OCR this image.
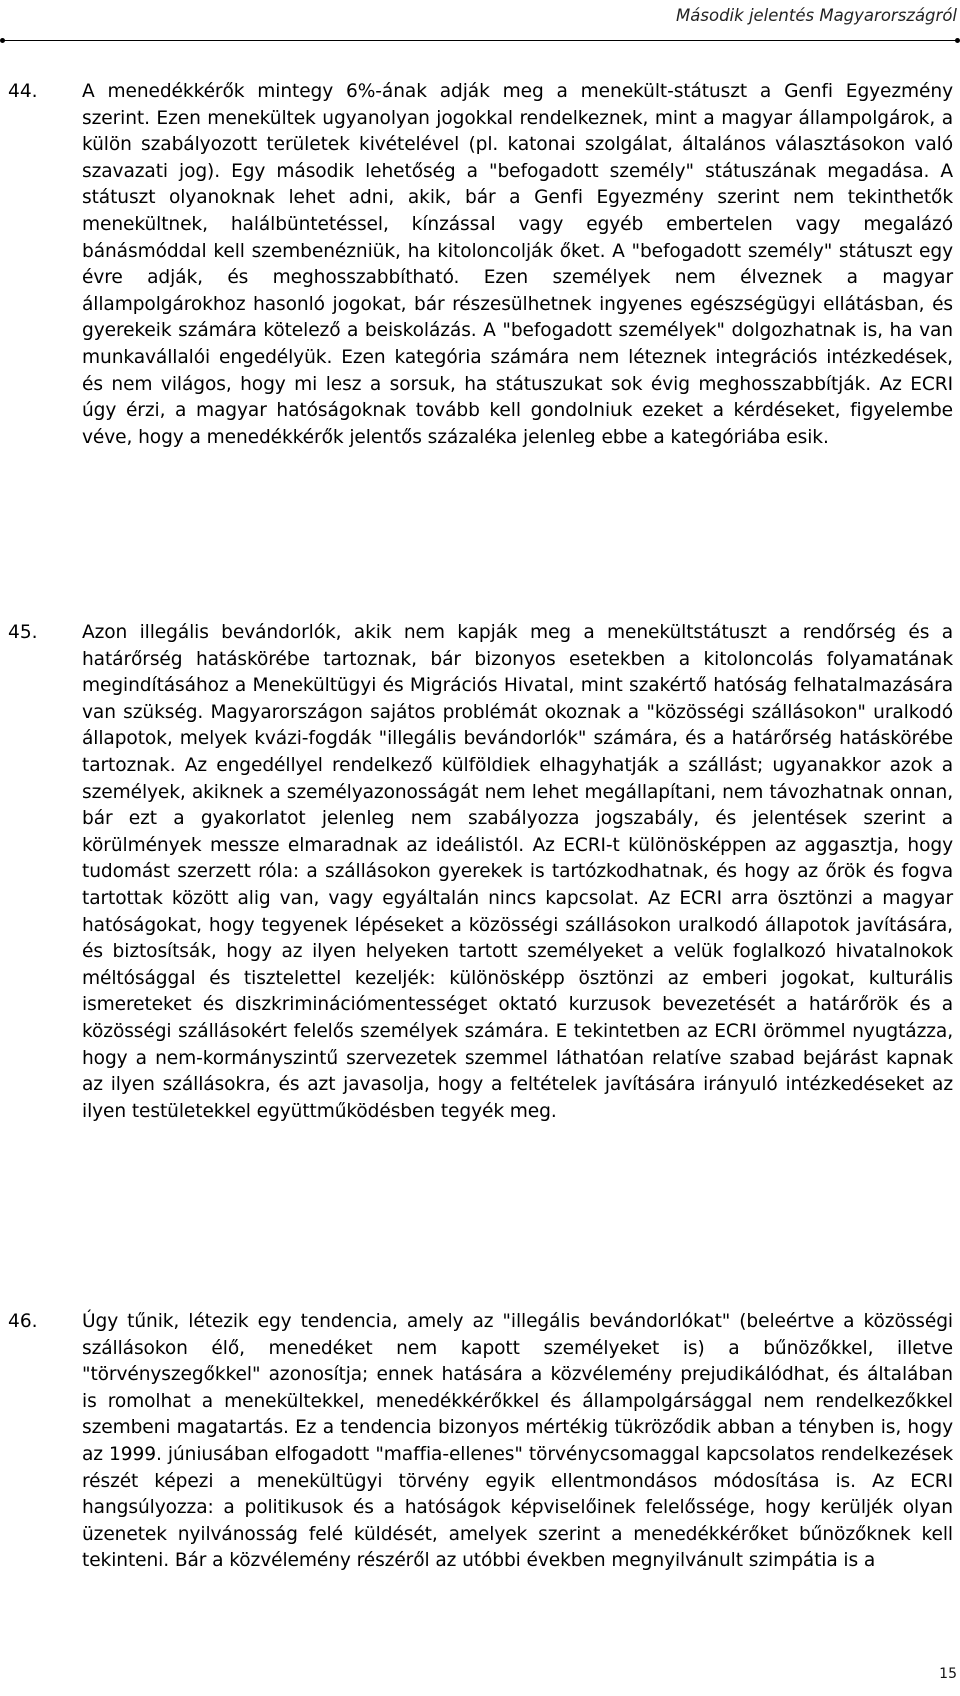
Második jelentés Magyarországról
44. A menedékkérők mintegy 6%-ának adják meg a menekült-státuszt a Genfi Egyezmény szerint. Ezen menekültek ugyanolyan jogokkal rendelkeznek, mint a magyar állampolgárok, a külön szabályozott területek kivételével (pl. katonai szolgálat, általános választásokon való szavazati jog). Egy második lehetőség a "befogadott személy" státuszának megadása. A státuszt olyanoknak lehet adni, akik, bár a Genfi Egyezmény szerint nem tekinthetők menekültnek, halálbüntetéssel, kínzással vagy egyéb embertelen vagy megalázó bánásmóddal kell szembenézniük, ha kitoloncolják őket. A "befogadott személy" státuszt egy évre adják, és meghosszabbítható. Ezen személyek nem élveznek a magyar állampolgárokhoz hasonló jogokat, bár részesülhetnek ingyenes egészségügyi ellátásban, és gyerekeik számára kötelező a beiskolázás. A "befogadott személyek" dolgozhatnak is, ha van munkavállalói engedélyük. Ezen kategória számára nem léteznek integrációs intézkedések, és nem világos, hogy mi lesz a sorsuk, ha státuszukat sok évig meghosszabbítják. Az ECRI úgy érzi, a magyar hatóságoknak tovább kell gondolniuk ezeket a kérdéseket, figyelembe véve, hogy a menedékkérők jelentős százaléka jelenleg ebbe a kategóriába esik.
45. Azon illegális bevándorlók, akik nem kapják meg a menekültstátuszt a rendőrség és a határőrség hatáskörébe tartoznak, bár bizonyos esetekben a kitoloncolás folyamatának megindításához a Menekültügyi és Migrációs Hivatal, mint szakértő hatóság felhatalmazására van szükség. Magyarországon sajátos problémát okoznak a "közösségi szállásokon" uralkodó állapotok, melyek kvázi-fogdák "illegális bevándorlók" számára, és a határőrség hatáskörébe tartoznak. Az engedéllyel rendelkező külföldiek elhagyhatják a szállást; ugyanakkor azok a személyek, akiknek a személyazonosságát nem lehet megállapítani, nem távozhatnak onnan, bár ezt a gyakorlatot jelenleg nem szabályozza jogszabály, és jelentések szerint a körülmények messze elmaradnak az ideálistól. Az ECRI-t különösképpen az aggasztja, hogy tudomást szerzett róla: a szállásokon gyerekek is tartózkodhatnak, és hogy az őrök és fogva tartottak között alig van, vagy egyáltalán nincs kapcsolat. Az ECRI arra ösztönzi a magyar hatóságokat, hogy tegyenek lépéseket a közösségi szállásokon uralkodó állapotok javítására, és biztosítsák, hogy az ilyen helyeken tartott személyeket a velük foglalkozó hivatalnokok méltósággal és tisztelettel kezeljék: különösképp ösztönzi az emberi jogokat, kulturális ismereteket és diszkriminációmentességet oktató kurzusok bevezetését a határőrök és a közösségi szállásokért felelős személyek számára. E tekintetben az ECRI örömmel nyugtázza, hogy a nem-kormányszintű szervezetek szemmel láthatóan relatíve szabad bejárást kapnak az ilyen szállásokra, és azt javasolja, hogy a feltételek javítására irányuló intézkedéseket az ilyen testületekkel együttműködésben tegyék meg.
46. Úgy tűnik, létezik egy tendencia, amely az "illegális bevándorlókat" (beleértve a közösségi szállásokon élő, menedéket nem kapott személyeket is) a bűnözőkkel, illetve "törvényszegőkkel" azonosítja; ennek hatására a közvélemény prejudikálódhat, és általában is romolhat a menekültekkel, menedékkérőkkel és állampolgársággal nem rendelkezőkkel szembeni magatartás. Ez a tendencia bizonyos mértékig tükröződik abban a tényben is, hogy az 1999. júniusában elfogadott "maffia-ellenes" törvénycsomaggal kapcsolatos rendelkezések részét képezi a menekültügyi törvény egyik ellentmondásos módosítása is. Az ECRI hangsúlyozza: a politikusok és a hatóságok képviselőinek felelőssége, hogy kerüljék olyan üzenetek nyilvánosság felé küldését, amelyek szerint a menedékkérőket bűnözőknek kell tekinteni. Bár a közvélemény részéről az utóbbi években megnyilvánult szimpátia is a
15
